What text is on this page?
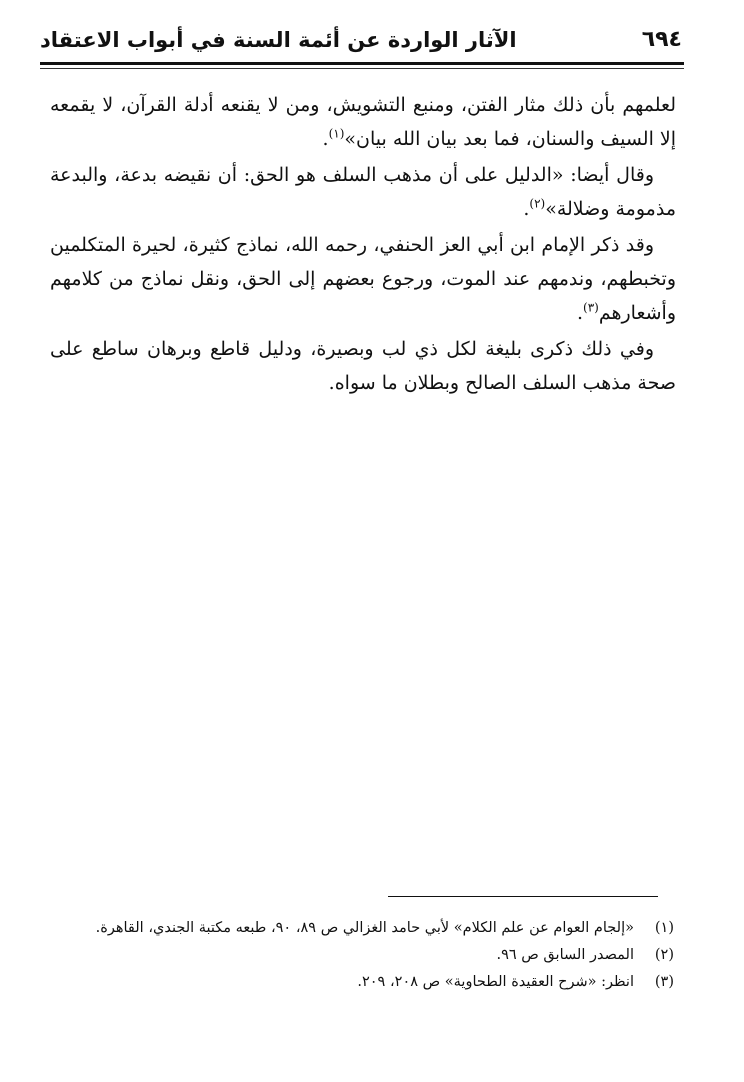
٦٩٤
الآثار الواردة عن أئمة السنة في أبواب الاعتقاد

لعلمهم بأن ذلك مثار الفتن، ومنبع التشويش، ومن لا يقنعه أدلة القرآن، لا يقمعه إلا السيف والسنان، فما بعد بيان الله بيان»$^{(١)}$.

وقال أيضا: «الدليل على أن مذهب السلف هو الحق: أن نقيضه بدعة، والبدعة مذمومة وضلالة»$^{(٢)}$.

وقد ذكر الإمام ابن أبي العز الحنفي، رحمه الله، نماذج كثيرة، لحيرة المتكلمين وتخبطهم، وندمهم عند الموت، ورجوع بعضهم إلى الحق، ونقل نماذج من كلامهم وأشعارهم$^{(٣)}$.

وفي ذلك ذكرى بليغة لكل ذي لب وبصيرة، ودليل قاطع وبرهان ساطع على صحة مذهب السلف الصالح وبطلان ما سواه.

(١)
«إلجام العوام عن علم الكلام» لأبي حامد الغزالي ص ٨٩، ٩٠، طبعه مكتبة الجندي، القاهرة.
(٢)
المصدر السابق ص ٩٦.
(٣)
انظر: «شرح العقيدة الطحاوية» ص ٢٠٨، ٢٠٩.
